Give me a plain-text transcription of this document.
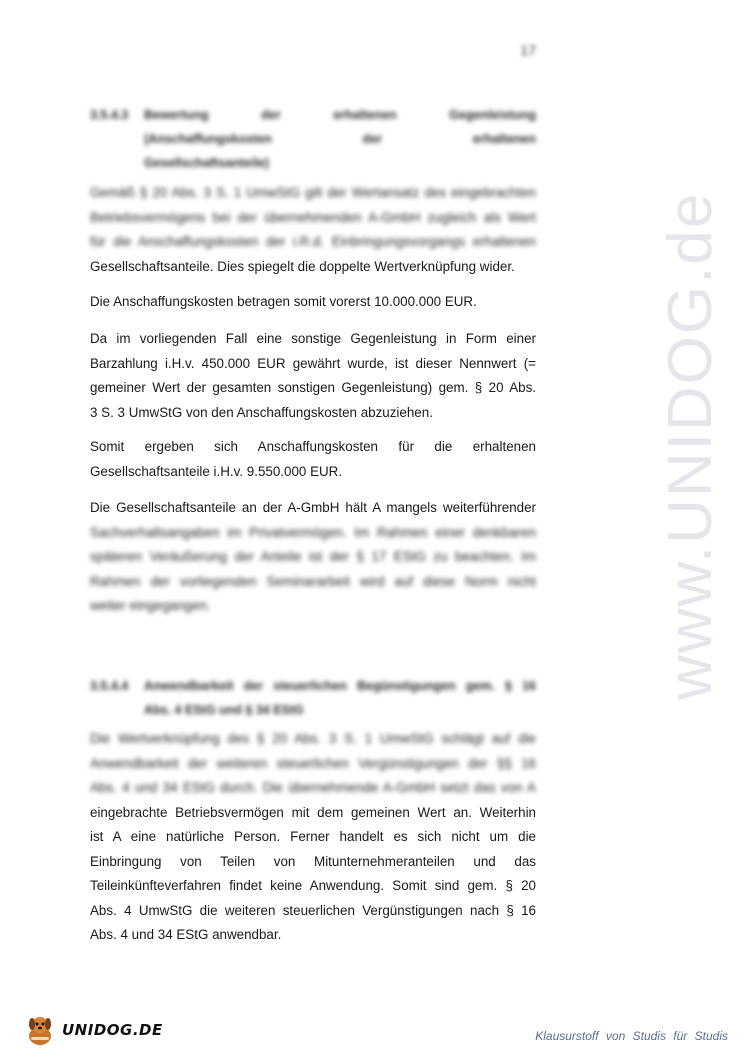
www.UNIDOG.de
17
3.5.4.3 Bewertung der erhaltenen Gegenleistung
(Anschaffungskosten der erhaltenen
Gesellschaftsanteile)
Gemäß § 20 Abs. 3 S. 1 UmwStG gilt der Wertansatz des eingebrachten
Betriebsvermögens bei der übernehmenden A-GmbH zugleich als Wert
für die Anschaffungskosten der i.R.d. Einbringungsvorgangs erhaltenen
Gesellschaftsanteile. Dies spiegelt die doppelte Wertverknüpfung wider.
Die Anschaffungskosten betragen somit vorerst 10.000.000 EUR.
Da im vorliegenden Fall eine sonstige Gegenleistung in Form einer
Barzahlung i.H.v. 450.000 EUR gewährt wurde, ist dieser Nennwert (=
gemeiner Wert der gesamten sonstigen Gegenleistung) gem. § 20 Abs.
3 S. 3 UmwStG von den Anschaffungskosten abzuziehen.
Somit ergeben sich Anschaffungskosten für die erhaltenen
Gesellschaftsanteile i.H.v. 9.550.000 EUR.
Die Gesellschaftsanteile an der A-GmbH hält A mangels weiterführender
Sachverhaltsangaben im Privatvermögen. Im Rahmen einer denkbaren
späteren Veräußerung der Anteile ist der § 17 EStG zu beachten. Im
Rahmen der vorliegenden Seminararbeit wird auf diese Norm nicht
weiter eingegangen.
3.5.4.4 Anwendbarkeit der steuerlichen Begünstigungen gem. § 16
Abs. 4 EStG und § 34 EStG
Die Wertverknüpfung des § 20 Abs. 3 S. 1 UmwStG schlägt auf die
Anwendbarkeit der weiteren steuerlichen Vergünstigungen der §§ 16
Abs. 4 und 34 EStG durch. Die übernehmende A-GmbH setzt das von A
eingebrachte Betriebsvermögen mit dem gemeinen Wert an. Weiterhin
ist A eine natürliche Person. Ferner handelt es sich nicht um die
Einbringung von Teilen von Mitunternehmeranteilen und das
Teileinkünfteverfahren findet keine Anwendung. Somit sind gem. § 20
Abs. 4 UmwStG die weiteren steuerlichen Vergünstigungen nach § 16
Abs. 4 und 34 EStG anwendbar.
UNIDOG.DE	Klausurstoff von Studis für Studis
